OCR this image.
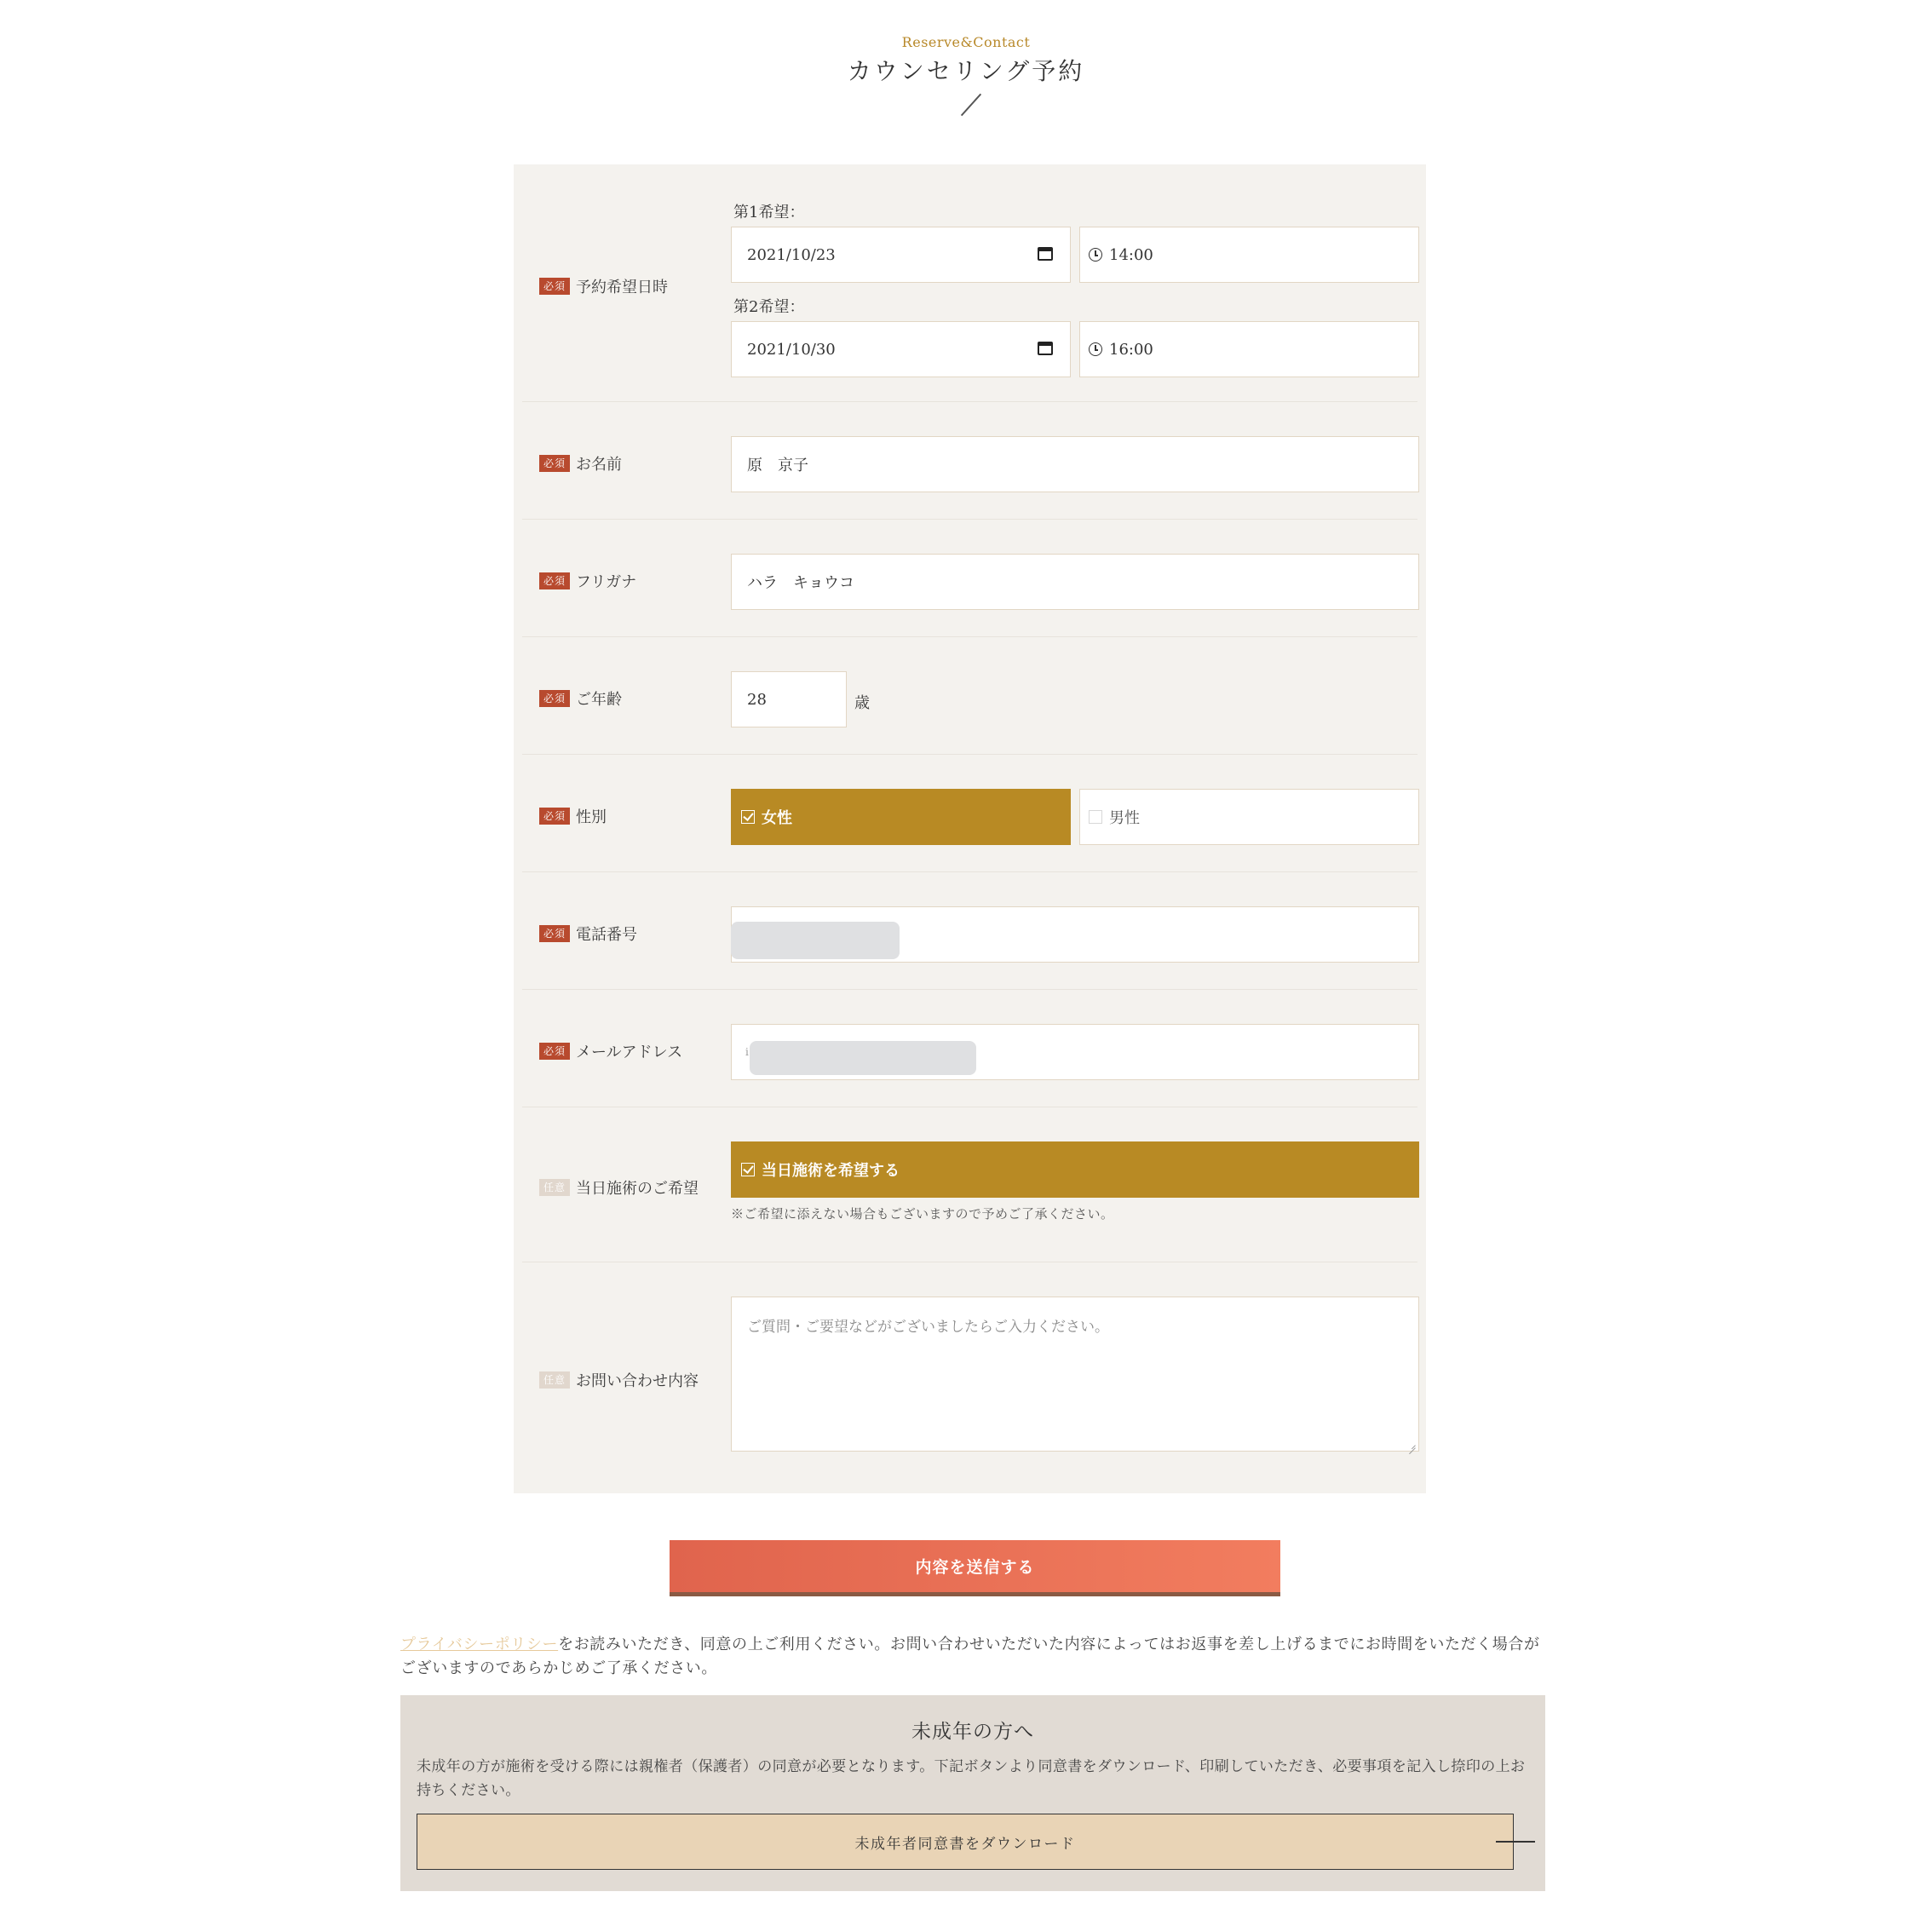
Reserve&Contact
カウンセリング予約
必須 予約希望日時
第1希望：
2021/10/23	14:00
第2希望：
2021/10/30	16:00
必須 お名前	原　京子
必須 フリガナ	ハラ　キョウコ
必須 ご年齢	28	歳
必須 性別	女性	男性
必須 電話番号
必須 メールアドレス	i
任意 当日施術のご希望
当日施術を希望する
※ご希望に添えない場合もございますので予めご了承ください。
任意 お問い合わせ内容
ご質問・ご要望などがございましたらご入力ください。
内容を送信する
プライバシーポリシーをお読みいただき、同意の上ご利用ください。お問い合わせいただいた内容によってはお返事を差し上げるまでにお時間をいただく場合がございますのであらかじめご了承ください。
未成年の方へ
未成年の方が施術を受ける際には親権者（保護者）の同意が必要となります。下記ボタンより同意書をダウンロード、印刷していただき、必要事項を記入し捺印の上お持ちください。
未成年者同意書をダウンロード
